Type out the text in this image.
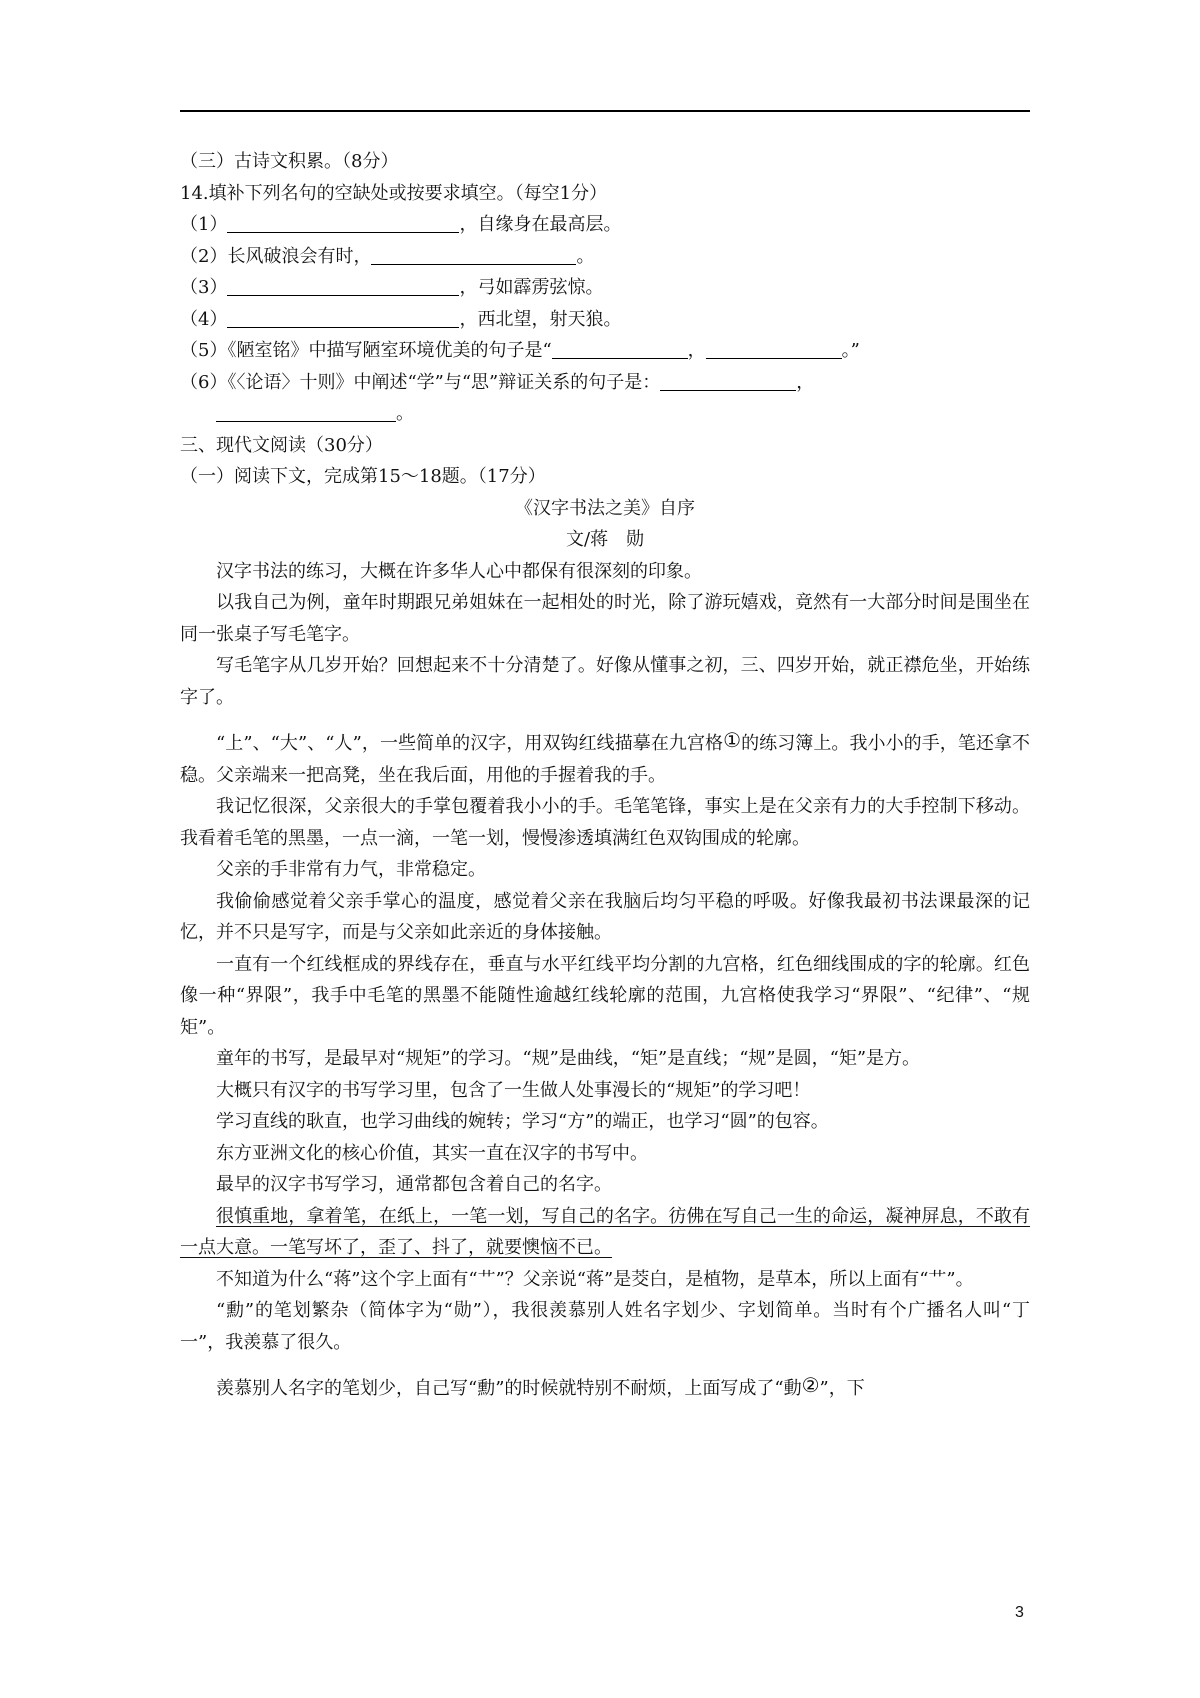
（三）古诗文积累。（8分）
14.填补下列名句的空缺处或按要求填空。（每空1分）
（1）	，自缘身在最高层。
（2）长风破浪会有时，	。
（3）	，弓如霹雳弦惊。
（4）	，西北望，射天狼。
（5）《陋室铭》中描写陋室环境优美的句子是“	，	。”
（6）《〈论语〉十则》中阐述“学”与“思”辩证关系的句子是：	，
。
三、现代文阅读（30分）
（一）阅读下文，完成第15～18题。（17分）
《汉字书法之美》自序
文/蒋　勋
汉字书法的练习，大概在许多华人心中都保有很深刻的印象。
以我自己为例，童年时期跟兄弟姐妹在一起相处的时光，除了游玩嬉戏，竟然有一大部分时间是围坐在同一张桌子写毛笔字。
写毛笔字从几岁开始？回想起来不十分清楚了。好像从懂事之初，三、四岁开始，就正襟危坐，开始练字了。
“上”、“大”、“人”，一些简单的汉字，用双钩红线描摹在九宫格①的练习簿上。我小小的手，笔还拿不稳。父亲端来一把高凳，坐在我后面，用他的手握着我的手。
我记忆很深，父亲很大的手掌包覆着我小小的手。毛笔笔锋，事实上是在父亲有力的大手控制下移动。我看着毛笔的黑墨，一点一滴，一笔一划，慢慢渗透填满红色双钩围成的轮廓。
父亲的手非常有力气，非常稳定。
我偷偷感觉着父亲手掌心的温度，感觉着父亲在我脑后均匀平稳的呼吸。好像我最初书法课最深的记忆，并不只是写字，而是与父亲如此亲近的身体接触。
一直有一个红线框成的界线存在，垂直与水平红线平均分割的九宫格，红色细线围成的字的轮廓。红色像一种“界限”，我手中毛笔的黑墨不能随性逾越红线轮廓的范围，九宫格使我学习“界限”、“纪律”、“规矩”。
童年的书写，是最早对“规矩”的学习。“规”是曲线，“矩”是直线；“规”是圆，“矩”是方。
大概只有汉字的书写学习里，包含了一生做人处事漫长的“规矩”的学习吧！
学习直线的耿直，也学习曲线的婉转；学习“方”的端正，也学习“圆”的包容。
东方亚洲文化的核心价值，其实一直在汉字的书写中。
最早的汉字书写学习，通常都包含着自己的名字。
很慎重地，拿着笔，在纸上，一笔一划，写自己的名字。彷佛在写自己一生的命运，凝神屏息，不敢有一点大意。一笔写坏了，歪了、抖了，就要懊恼不已。
不知道为什么“蒋”这个字上面有“艹”？父亲说“蒋”是茭白，是植物，是草本，所以上面有“艹”。
“勳”的笔划繁杂（简体字为“勋”），我很羡慕别人姓名字划少、字划简单。当时有个广播名人叫“丁一”，我羡慕了很久。
羡慕别人名字的笔划少，自己写“勳”的时候就特别不耐烦，上面写成了“動②”，下
3
